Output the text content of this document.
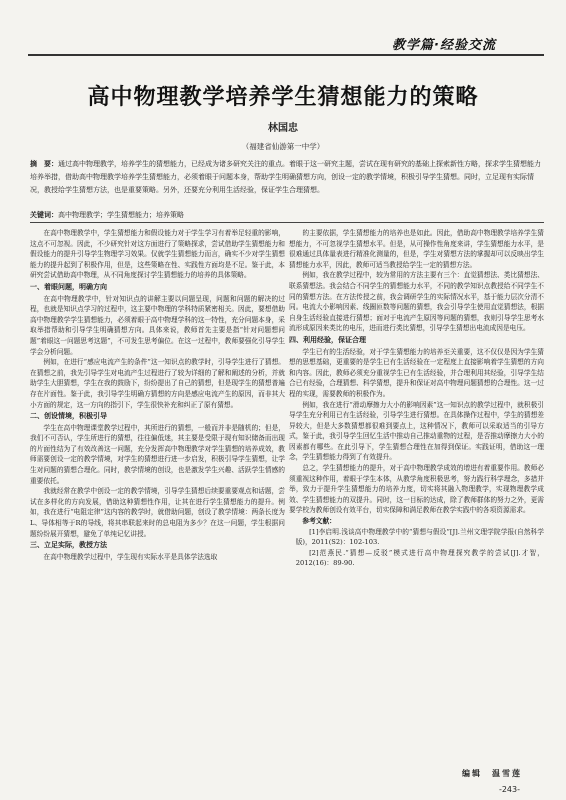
教学篇·经验交流
高中物理教学培养学生猜想能力的策略
林国忠
（福建省仙游第一中学）
摘　要：通过高中物理教学，培养学生的猜想能力，已经成为诸多研究关注的重点。着眼于这一研究主题，尝试在现有研究的基础上探索新性方略，探求学生猜想能力培养举措，借助高中物理教学培养学生猜想能力，必须着眼于问题本身，帮助学生明确猜想方向，创设一定的教学情境，积极引导学生猜想。同时，立足现有实际情况，教授给学生猜想方法，也是重要策略。另外，还要充分利用生活经验，保证学生合理猜想。
关键词：高中物理教学；学生猜想能力；培养策略

在高中物理教学中，学生猜想能力和假设能力对于学生学习有着举足轻重的影响，这点不可忽视。因此，不少研究针对这方面进行了策略探求，尝试借助学生猜想能力和假设能力的提升引导学生物理学习效果。仅就学生猜想能力而言，确实不少对学生猜想能力的提升起到了积极作用，但是，这些策略在性、实践性方面均是不足。鉴于此，本研究尝试借助高中物理，从不同角度探讨学生猜想能力的培养的具体策略。

一、着眼问题，明确方向

在高中物理教学中，针对知识点的讲解主要以问题呈现，问题和问题的解决的过程，也就是知识点学习的过程中，这主要中物理的学科特质紧密相关。因此，要想借助高中物理教学学生猜想能力，必须着眼于高中物理学科的这一特性，充分问题本身，采取举措帮助和引导学生明确猜想方向。具体来说，教师首先主要是指“针对问题想问题”着眼这一问题思考这题”，不可发生思考偏位。在这一过程中，教师要强化引导学生学会分析问题。

例如，在进行“感应电流产生的条件”这一知识点的教学时，引导学生进行了猜想。在猜想之前，我先引导学生对电流产生过程进行了较为详细的了解和阐述的分析，并就助学生大胆猜想，学生在我的鼓励下，纷纷提出了自己的猜想，但是现学生的猜想普遍存在片面性。鉴于此，我引导学生明确方猜想的方向是感应电流产生的原因，而非其大小方面的规定，这一方向的指引下，学生很快补充和纠正了原有猜想。

二、创设情境，积极引导

学生在高中物理课堂教学过程中，其所进行的猜想，一般而并非是随机的；但是，我们不可否认，学生所进行的猜想，往往偏低迷，其主要是受限于现有知识储备而出现的片面性结为了有效改善这一问题，充分发挥高中物理教学对学生猜想的培养成效，教师需要创设一定的教学情境，对学生的猜想进行进一步启发，积极引导学生猜想，让学生对问题的猜想合理化。同时，教学情境的创设，也是激发学生兴趣、活跃学生情感的重要依托。

我就经常在教学中创设一定的教学情境，引导学生猜想后续要重要观点和话题，尝试在多样化的方向发展，借助这种猜想性作用，让其在进行学生猜想能力的提升。例如，我在进行“电阻定律”这内容的教学时，就借助问题，创设了教学情境：两条长度为L、导体相等于R的导线，将其串联起来时的总电阻为多少？在这一问题，学生根据问题纷纷展开猜想，避免了单纯记忆讲授。

三、立足实际，教授方法

在高中物理教学过程中，学生现有实际水平是具体学法选取

的主要依据，学生猜想能力的培养也是如此。因此，借助高中物理教学培养学生猜想能力，不可忽视学生猜想水平。但是，从可操作性角度来讲，学生猜想能力水平，是很难通过具体量表进行精准化测量的，但是，学生对猜想方法的掌握却可以反映出学生猜想能力水平，因此，教师可适当教授给学生一定的猜想方法。

例如，我在教学过程中，较为常用的方法主要有三个：直觉猜想法、类比猜想法、联系猜想法。我会结合不同学生的猜想能力水平，不同的教学知识点教授给不同学生不同的猜想方法。在方法传授之前，我会调研学生的实际情况水平，基于能力层次分清不同。电流大小影响因素、线圈匝数等问题的猜想，我会引导学生使用直觉猜想法，根据自身生活经验直接进行猜想；面对于电流产生原因等问题的猜想，我则引导学生思考水流形成原因来类比的电压，进而进行类比猜想，引导学生猜想出电流成因是电压。

四、利用经验，保证合理

学生已有的生活经验，对于学生猜想能力的培养至关重要，这不仅仅是因为学生猜想的思想基础，更重要的是学生已有生活经验在一定程度上直接影响着学生猜想的方向和内容。因此，教师必须充分重视学生已有生活经验，并合理利用其经验，引导学生结合已有经验，合理猜想、科学猜想，提升和保证对高中物理问题猜想的合理性。这一过程的实现，需要教师的积极作为。

例如，我在进行“滑动摩擦力大小的影响因素”这一知识点的教学过程中，就积极引导学生充分利用已有生活经验，引导学生进行猜想。在具体操作过程中，学生的猜想差异较大，但是大多数猜想都很难到要点上，这种情况下，教师可以采取适当的引导方式，鉴于此，我引导学生回忆生活中推动自己推动重物的过程，是否推动摩擦力大小的因素都有哪些。在此引导下，学生猜想合理性在加得到保证。实践证明，借助这一理念，学生猜想能力得到了有效提升。

总之，学生猜想能力的提升，对于高中物理教学成效的增进有着重要作用。教师必须重视这种作用，着眼于学生本体，从教学角度积极思考，努力践行科学理念，多措并举，致力于提升学生猜想能力的培养力度，切实将其融入物理教学，实现物理教学成效、学生猜想能力的双提升。同时，这一目标的达成，除了教师群体的努力之外，更需要学校为教师创设有效平台，切实保障和满足教师在教学实践中的各项资源需求。

参考文献：

[1]李启明.浅谈高中物理教学中的“猜想与假设”[J].兰州文理学院学报(自然科学版)，2011(S2)：102-103.

[2]范燕民.“猜想—反驳”模式进行高中物理探究教学的尝试[J].才智，2012(16)：89-90.

编辑　温雪莲
-243-
